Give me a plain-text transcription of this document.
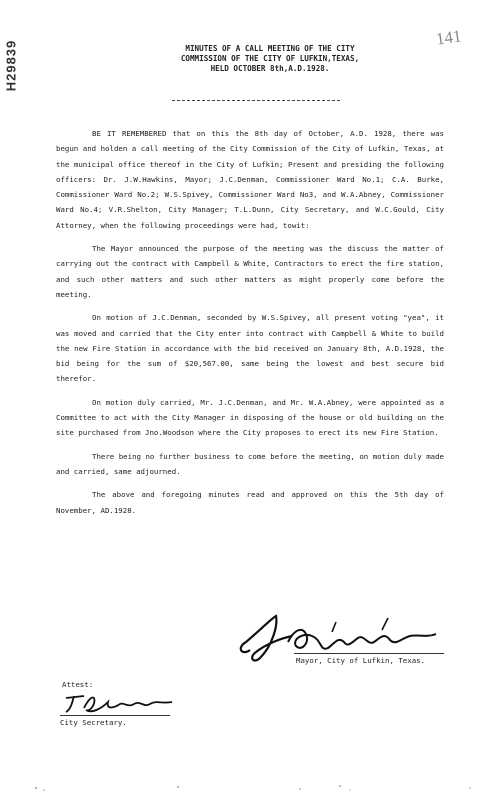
H29839
141
MINUTES OF A CALL MEETING OF THE CITY
COMMISSION OF THE CITY OF LUFKIN,TEXAS,
HELD OCTOBER 8th,A.D.1928.

BE IT REMEMBERED that on this the 8th day of October, A.D. 1928, there was begun and holden a call meeting of the City Commission of the City of Lufkin, Texas, at the municipal office thereof in the City of Lufkin; Present and presiding the following officers: Dr. J.W.Hawkins, Mayor; J.C.Denman, Commissioner Ward No.1; C.A. Burke, Commissioner Ward No.2; W.S.Spivey, Commissioner Ward No3, and W.A.Abney, Commissioner Ward No.4; V.R.Shelton, City Manager; T.L.Dunn, City Secretary, and W.C.Gould, City Attorney, when the following proceedings were had, towit:

The Mayor announced the purpose of the meeting was the discuss the matter of carrying out the contract with Campbell & White, Contractors to erect the fire station, and such other matters and such other matters as might properly come before the meeting.

On motion of J.C.Denman, seconded by W.S.Spivey, all present voting "yea", it was moved and carried that the City enter into contract with Campbell & White to build the new Fire Station in accordance with the bid received on January 8th, A.D.1928, the bid being for the sum of $20,567.00, same being the lowest and best secure bid therefor.

On motion duly carried, Mr. J.C.Denman, and Mr. W.A.Abney, were appointed as a Committee to act with the City Manager in disposing of the house or old building on the site purchased from Jno.Woodson where the City proposes to erect its new Fire Station.

There being no further business to come before the meeting, on motion duly made and carried, same adjourned.

The above and foregoing minutes read and approved on this the 5th day of November, AD.1928.

Mayor, City of Lufkin, Texas.
Attest:
City Secretary.
